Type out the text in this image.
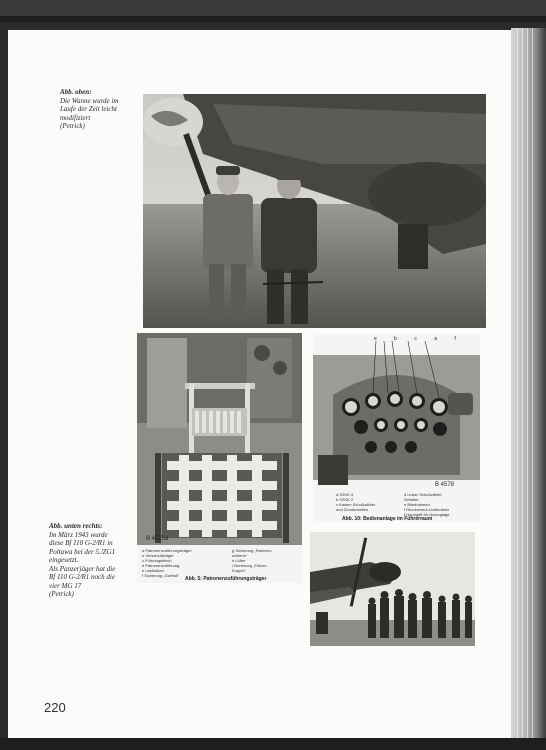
Abb. oben:
Die Wanne wurde im
Laufe der Zeit leicht
modifiziert
(Petrick)
B 4575a
a Patronenzuführungsträger
b Verschlußträger
c Führungsblech
d Patronenzuführung
e Lasthaken
f Sicherung „Gurtfall“
g Sicherung „Rahmen-
schiene“
h Lüfter
i Sicherung „Führer-
Kuppel“
Abb. 5: Patronenzuführungsträger
e b c a f
B 4578
a SZKK 4
b SZKK 2
c Kasten Schußzähler
und Zünderstellen
d Linker Schußzähler
Schalter
e Blindrahmen
f Revolvernot-Lichtkolben
f Handgriff für Notzuglage
Abb. 10: Bedienanlage im Führerraum
Abb. unten rechts:
Im März 1943 wurde
diese Bf 110 G-2/R1 in
Poltawa bei der 5./ZG1
eingesetzt.
Als Panzerjäger hat die
Bf 110 G-2/R1 noch die
vier MG 17
(Petrick)
220
